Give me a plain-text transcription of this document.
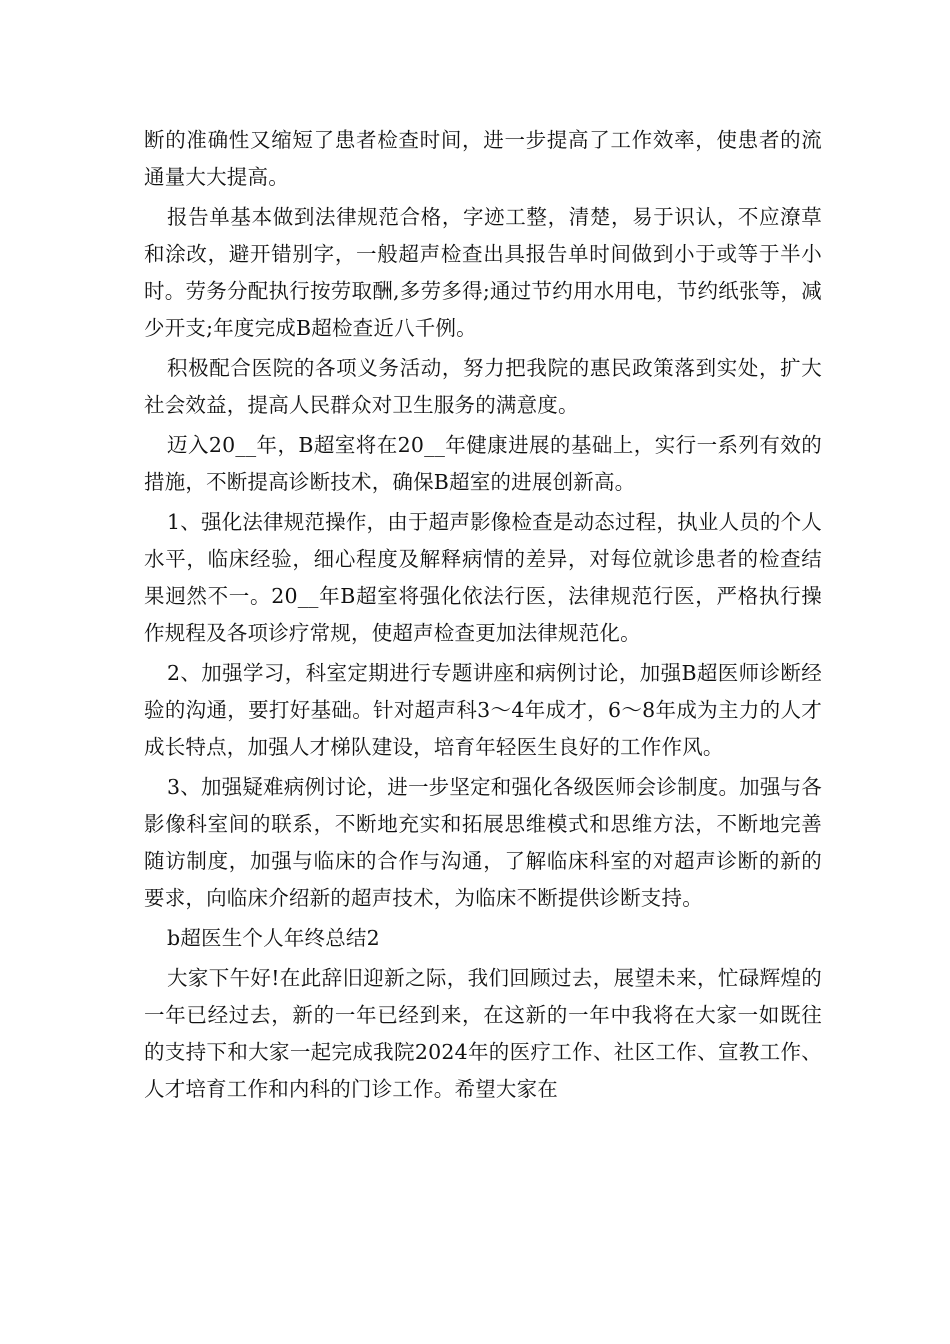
断的准确性又缩短了患者检查时间，进一步提高了工作效率，使患者的流通量大大提高。

报告单基本做到法律规范合格，字迹工整，清楚，易于识认，不应潦草和涂改，避开错别字，一般超声检查出具报告单时间做到小于或等于半小时。劳务分配执行按劳取酬,多劳多得;通过节约用水用电，节约纸张等，减少开支;年度完成B超检查近八千例。

积极配合医院的各项义务活动，努力把我院的惠民政策落到实处，扩大社会效益，提高人民群众对卫生服务的满意度。

迈入20__年，B超室将在20__年健康进展的基础上，实行一系列有效的措施，不断提高诊断技术，确保B超室的进展创新高。

1、强化法律规范操作，由于超声影像检查是动态过程，执业人员的个人水平，临床经验，细心程度及解释病情的差异，对每位就诊患者的检查结果迥然不一。20__年B超室将强化依法行医，法律规范行医，严格执行操作规程及各项诊疗常规，使超声检查更加法律规范化。

2、加强学习，科室定期进行专题讲座和病例讨论，加强B超医师诊断经验的沟通，要打好基础。针对超声科3～4年成才，6～8年成为主力的人才成长特点，加强人才梯队建设，培育年轻医生良好的工作作风。

3、加强疑难病例讨论，进一步坚定和强化各级医师会诊制度。加强与各影像科室间的联系，不断地充实和拓展思维模式和思维方法，不断地完善随访制度，加强与临床的合作与沟通，了解临床科室的对超声诊断的新的要求，向临床介绍新的超声技术，为临床不断提供诊断支持。

b超医生个人年终总结2

大家下午好!在此辞旧迎新之际，我们回顾过去，展望未来，忙碌辉煌的一年已经过去，新的一年已经到来，在这新的一年中我将在大家一如既往的支持下和大家一起完成我院2024年的医疗工作、社区工作、宣教工作、人才培育工作和内科的门诊工作。希望大家在
